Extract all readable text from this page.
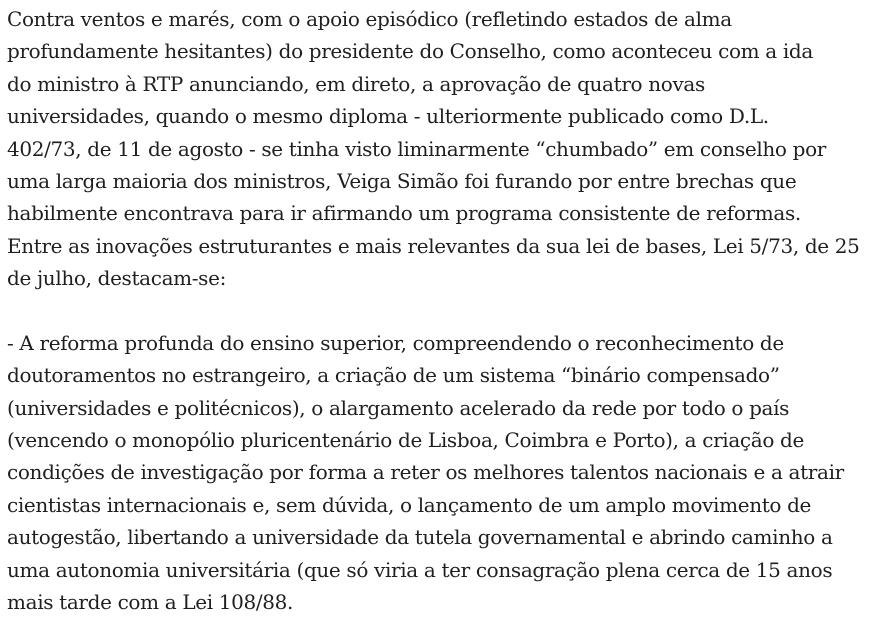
Contra ventos e marés, com o apoio episódico (refletindo estados de alma
profundamente hesitantes) do presidente do Conselho, como aconteceu com a ida
do ministro à RTP anunciando, em direto, a aprovação de quatro novas
universidades, quando o mesmo diploma - ulteriormente publicado como D.L.
402/73, de 11 de agosto - se tinha visto liminarmente “chumbado” em conselho por
uma larga maioria dos ministros, Veiga Simão foi furando por entre brechas que
habilmente encontrava para ir afirmando um programa consistente de reformas.
Entre as inovações estruturantes e mais relevantes da sua lei de bases, Lei 5/73, de 25
de julho, destacam-se:
- A reforma profunda do ensino superior, compreendendo o reconhecimento de
doutoramentos no estrangeiro, a criação de um sistema “binário compensado”
(universidades e politécnicos), o alargamento acelerado da rede por todo o país
(vencendo o monopólio pluricentenário de Lisboa, Coimbra e Porto), a criação de
condições de investigação por forma a reter os melhores talentos nacionais e a atrair
cientistas internacionais e, sem dúvida, o lançamento de um amplo movimento de
autogestão, libertando a universidade da tutela governamental e abrindo caminho a
uma autonomia universitária (que só viria a ter consagração plena cerca de 15 anos
mais tarde com a Lei 108/88.
